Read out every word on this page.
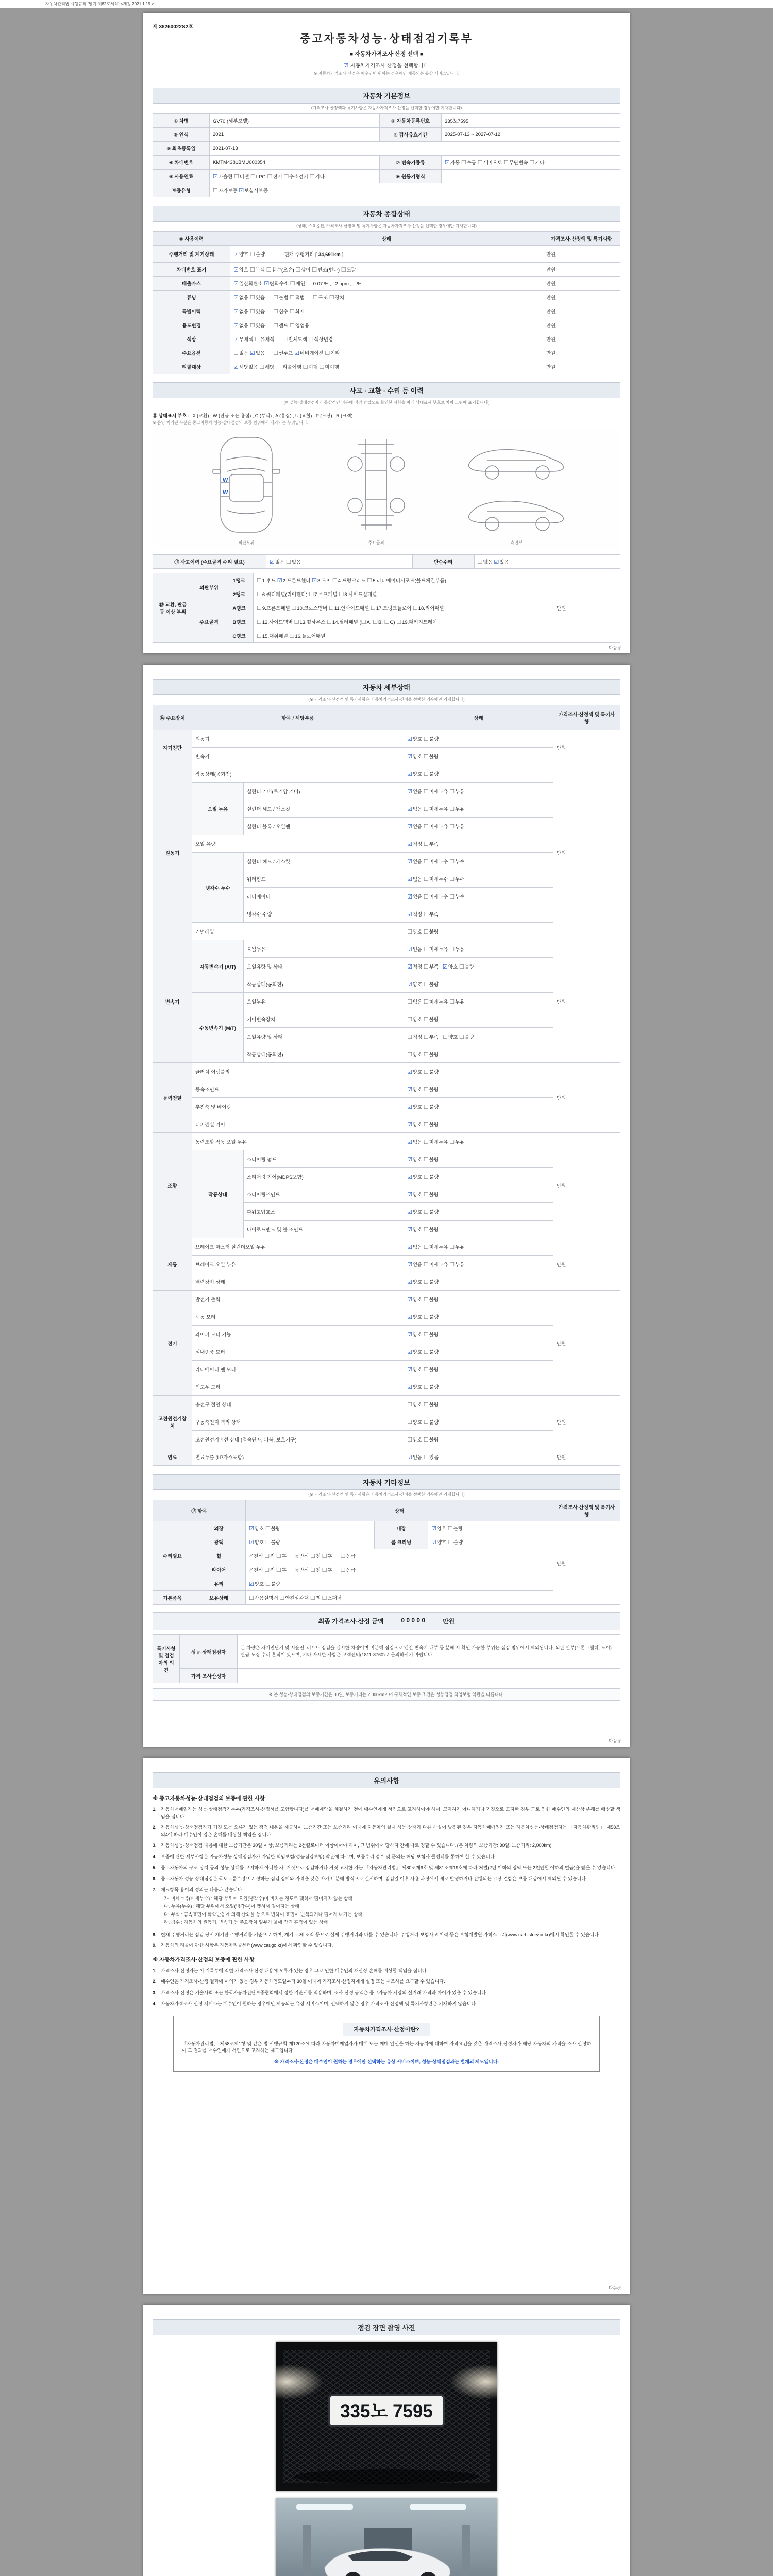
자동차관리법 시행규칙 [별지 제82호서식] <개정 2021.1.19.>
제 38260022S2호
중고자동차성능·상태점검기록부
■ 자동차가격조사·산정 선택 ■
☑ 자동차가격조사·산정을 선택합니다.
※ 자동차가격조사·산정은 매수인이 원하는 경우에만 제공되는 유상 서비스입니다.
자동차 기본정보
(가격조사·산정액과 특기사항은 자동차가격조사·산정을 선택한 경우에만 기재합니다)
① 차명	GV70 (세부모델)	② 자동차등록번호	335노7595
③ 연식	2021	④ 검사유효기간	2025-07-13 ~ 2027-07-12
⑤ 최초등록일	2021-07-13		
⑥ 차대번호	KMTM4381BMU000354	⑦ 변속기종류	☑자동 ☐수동 ☐세미오토 ☐무단변속 ☐기타
⑧ 사용연료	☑가솔린 ☐디젤 ☐LPG ☐전기 ☐수소전기 ☐기타	⑨ 원동기형식	
보증유형	☐자가보증 ☑보험사보증		
자동차 종합상태
(상태, 주요옵션, 가격조사·산정액 및 특기사항은 자동차가격조사·산정을 선택한 경우에만 기재합니다)
⑩ 사용이력	상태	가격조사·산정액 및 특기사항
주행거리 및 계기상태	☑양호 ☐불량 현재 주행거리 [ 34,691km ]	만원
차대번호 표기	☑양호 ☐부식 ☐훼손(오손) ☐상이 ☐변조(변타) ☐도말	만원
배출가스	☑일산화탄소 ☑탄화수소 ☐매연      0.07 % ,   2 ppm ,    %	만원
튜닝	☑없음 ☐있음      ☐불법 ☐적법      ☐구조 ☐장치	만원
특별이력	☑없음 ☐있음      ☐침수 ☐화재	만원
용도변경	☑없음 ☐있음      ☐렌트 ☐영업용	만원
색상	☑무채색 ☐유채색      ☐전체도색 ☐색상변경	만원
주요옵션	☐없음 ☑있음      ☐썬루프 ☑네비게이션 ☐기타	만원
리콜대상	☑해당없음 ☐해당      리콜이행 ☐이행 ☐미이행	만원
사고 · 교환 · 수리 등 이력
(※ 성능·상태점검자가 통상적인 비분해 점검 방법으로 확인한 사항을 아래 상태표시 부호로 차량 그림에 표기합니다)
⑪ 상태표시 부호 : X (교환) , W (판금 또는 용접) , C (부식) , A (흠집) , U (요철) , P (도장) , R (크랙)
※ 음영 처리된 부분은 중고자동차 성능·상태점검의 보증 범위에서 제외되는 부위입니다.
W
W
외판부위	주요골격	측면부
⑫ 사고이력 (주요골격 수리 필요)	☑없음 ☐있음	단순수리	☐없음 ☑있음
⑬ 교환, 판금 등 이상 부위	외판부위	1랭크	☐1.후드 ☑2.프론트휀더 ☑3.도어 ☐4.트렁크리드 ☐5.라디에이터서포트(볼트체결부품)	만원
		2랭크	☐6.쿼터패널(리어휀더) ☐7.루프패널 ☐8.사이드실패널	
	주요골격	A랭크	☐9.프론트패널 ☐10.크로스멤버 ☐11.인사이드패널 ☐17.트렁크플로어 ☐18.리어패널	
		B랭크	☐12.사이드멤버 ☐13.휠하우스 ☐14.필러패널 (☐A, ☐B, ☐C) ☐19.패키지트레이	
		C랭크	☐15.대쉬패널 ☐16.플로어패널	
다음장
자동차 세부상태
(※ 가격조사·산정액 및 특기사항은 자동차가격조사·산정을 선택한 경우에만 기재합니다)
⑭ 주요장치	항목 / 해당부품		상태	가격조사·산정액 및 특기사항
자기진단	원동기		☑양호 ☐불량	만원
	변속기		☑양호 ☐불량	
원동기	작동상태(공회전)		☑양호 ☐불량	만원
	오일 누유	실린더 커버(로커암 커버)	☑없음 ☐미세누유 ☐누유	
		실린더 헤드 / 개스킷	☑없음 ☐미세누유 ☐누유	
		실린더 블록 / 오일팬	☑없음 ☐미세누유 ☐누유	
	오일 유량		☑적정 ☐부족	
	냉각수 누수	실린더 헤드 / 개스킷	☑없음 ☐미세누수 ☐누수	
		워터펌프	☑없음 ☐미세누수 ☐누수	
		라디에이터	☑없음 ☐미세누수 ☐누수	
		냉각수 수량	☑적정 ☐부족	
	커먼레일		☐양호 ☐불량	
변속기	자동변속기 (A/T)	오일누유	☑없음 ☐미세누유 ☐누유	만원
		오일유량 및 상태	☑적정 ☐부족   ☑양호 ☐불량	
		작동상태(공회전)	☑양호 ☐불량	
	수동변속기 (M/T)	오일누유	☐없음 ☐미세누유 ☐누유	
		기어변속장치	☐양호 ☐불량	
		오일유량 및 상태	☐적정 ☐부족   ☐양호 ☐불량	
		작동상태(공회전)	☐양호 ☐불량	
동력전달	클러치 어셈블리		☑양호 ☐불량	만원
	등속조인트		☑양호 ☐불량	
	추진축 및 베어링		☑양호 ☐불량	
	디퍼렌셜 기어		☑양호 ☐불량	
조향	동력조향 작동 오일 누유		☑없음 ☐미세누유 ☐누유	만원
	작동상태	스티어링 펌프	☑양호 ☐불량	
		스티어링 기어(MDPS포함)	☑양호 ☐불량	
		스티어링조인트	☑양호 ☐불량	
		파워고압호스	☑양호 ☐불량	
		타이로드엔드 및 볼 조인트	☑양호 ☐불량	
제동	브레이크 마스터 실린더오일 누유		☑없음 ☐미세누유 ☐누유	만원
	브레이크 오일 누유		☑없음 ☐미세누유 ☐누유	
	배력장치 상태		☑양호 ☐불량	
전기	발전기 출력		☑양호 ☐불량	만원
	시동 모터		☑양호 ☐불량	
	와이퍼 모터 기능		☑양호 ☐불량	
	실내송풍 모터		☑양호 ☐불량	
	라디에이터 팬 모터		☑양호 ☐불량	
	윈도우 모터		☑양호 ☐불량	
고전원전기장치	충전구 절연 상태		☐양호 ☐불량	만원
	구동축전지 격리 상태		☐양호 ☐불량	
	고전원전기배선 상태 (접속단자, 피복, 보호기구)		☐양호 ☐불량	
연료	연료누출 (LP가스포함)		☑없음 ☐있음	만원
자동차 기타정보
(※ 가격조사·산정액 및 특기사항은 자동차가격조사·산정을 선택한 경우에만 기재합니다)
⑮ 항목		상태			가격조사·산정액 및 특기사항
수리필요	외장	☑양호 ☐불량	내장	☑양호 ☐불량	만원
	광택	☑양호 ☐불량	룸 크리닝	☑양호 ☐불량	
	휠	운전석 ☐전 ☐후      동반석 ☐전 ☐후      ☐응급			
	타이어	운전석 ☐전 ☐후      동반석 ☐전 ☐후      ☐응급			
	유리	☑양호 ☐불량			
기본품목	보유상태	☐사용설명서 ☐안전삼각대 ☐잭 ☐스패너			
최종 가격조사·산정 금액	0 0 0 0 0	만원
특기사항 및 점검자의 의견	성능·상태점검자	본 차량은 자기진단기 및 시운전, 리프트 점검을 실시한 차량이며 비분해 점검으로 엔진·변속기 내부 등 분해 시 확인 가능한 부위는 점검 범위에서 제외됩니다. 외판 일부(프론트휀더, 도어) 판금·도장 수리 흔적이 있으며, 기타 자세한 사항은 고객센터(1811-8760)로 문의하시기 바랍니다.
	가격·조사산정자	
※ 본 성능·상태점검의 보증기간은 30일, 보증거리는 2,000km이며 구체적인 보증 조건은 성능점검 책임보험 약관을 따릅니다.
다음장
유의사항
※ 중고자동차성능·상태점검의 보증에 관한 사항
1. 자동차매매업자는 성능·상태점검기록부(가격조사·산정서를 포함합니다)를 매매계약을 체결하기 전에 매수인에게 서면으로 고지하여야 하며, 고지하지 아니하거나 거짓으로 고지한 경우 그로 인한 매수인의 재산상 손해를 배상할 책임을 집니다.
2. 자동차성능·상태점검자가 거짓 또는 오류가 있는 점검 내용을 제공하여 보증기간 또는 보증거리 이내에 자동차의 실제 성능·상태가 다른 사실이 발견된 경우 자동차매매업자 또는 자동차성능·상태점검자는 「자동차관리법」 제58조의4에 따라 매수인이 입은 손해를 배상할 책임을 집니다.
3. 자동차성능·상태점검 내용에 대한 보증기간은 30일 이상, 보증거리는 2천킬로미터 이상이어야 하며, 그 범위에서 당사자 간에 따로 정할 수 있습니다. (본 차량의 보증기간: 30일, 보증거리: 2,000km)
4. 보증에 관한 세부사항은 자동차성능·상태점검자가 가입한 책임보험(성능점검보험) 약관에 따르며, 보증수리 접수 및 문의는 해당 보험사 콜센터를 통하여 할 수 있습니다.
5. 중고자동차의 구조·장치 등의 성능·상태를 고지하지 아니한 자, 거짓으로 점검하거나 거짓 고지한 자는 「자동차관리법」 제80조제6호 및 제81조제19호에 따라 처벌(2년 이하의 징역 또는 2천만원 이하의 벌금)을 받을 수 있습니다.
6. 중고자동차 성능·상태점검은 국토교통부령으로 정하는 점검 장비와 자격을 갖춘 자가 비분해 방식으로 실시하며, 점검일 이후 사용 과정에서 새로 발생하거나 진행되는 고장·결함은 보증 대상에서 제외될 수 있습니다.
7. 체크항목 용어의 정의는 다음과 같습니다.
가. 미세누유(미세누수) : 해당 부위에 오일(냉각수)이 비치는 정도로 맺혀서 떨어지지 않는 상태
나. 누유(누수) : 해당 부위에서 오일(냉각수)이 맺혀서 떨어지는 상태
다. 부식 : 금속표면이 화학반응에 의해 산화물 등으로 변하여 표면이 변색되거나 떨어져 나가는 상태
라. 침수 : 자동차의 원동기, 변속기 등 주요장치 일부가 물에 잠긴 흔적이 있는 상태
8. 현재 주행거리는 점검 당시 계기판 주행거리를 기준으로 하며, 계기 교체·조작 등으로 실제 주행거리와 다를 수 있습니다. 주행거리·보험사고 이력 등은 보험개발원 카히스토리(www.carhistory.or.kr)에서 확인할 수 있습니다.
9. 자동차의 리콜에 관한 사항은 자동차리콜센터(www.car.go.kr)에서 확인할 수 있습니다.
※ 자동차가격조사·산정의 보증에 관한 사항
1. 가격조사·산정자는 이 기록부에 적힌 가격조사·산정 내용에 오류가 있는 경우 그로 인한 매수인의 재산상 손해를 배상할 책임을 집니다.
2. 매수인은 가격조사·산정 결과에 이의가 있는 경우 자동차인도일부터 30일 이내에 가격조사·산정자에게 설명 또는 재조사를 요구할 수 있습니다.
3. 가격조사·산정은 기술사회 또는 한국자동차진단보증협회에서 정한 기준서를 적용하며, 조사·산정 금액은 중고자동차 시장의 실거래 가격과 차이가 있을 수 있습니다.
4. 자동차가격조사·산정 서비스는 매수인이 원하는 경우에만 제공되는 유상 서비스이며, 선택하지 않은 경우 가격조사·산정액 및 특기사항란은 기재하지 않습니다.
자동차가격조사·산정이란?
「자동차관리법」 제58조제1항 및 같은 법 시행규칙 제120조에 따라 자동차매매업자가 매매 또는 매매 알선을 하는 자동차에 대하여 자격요건을 갖춘 가격조사·산정자가 해당 자동차의 가격을 조사·산정하여 그 결과를 매수인에게 서면으로 고지하는 제도입니다.
※ 가격조사·산정은 매수인이 원하는 경우에만 선택하는 유상 서비스이며, 성능·상태점검과는 별개의 제도입니다.
다음장
점검 장면 촬영 사진
335노 7595
